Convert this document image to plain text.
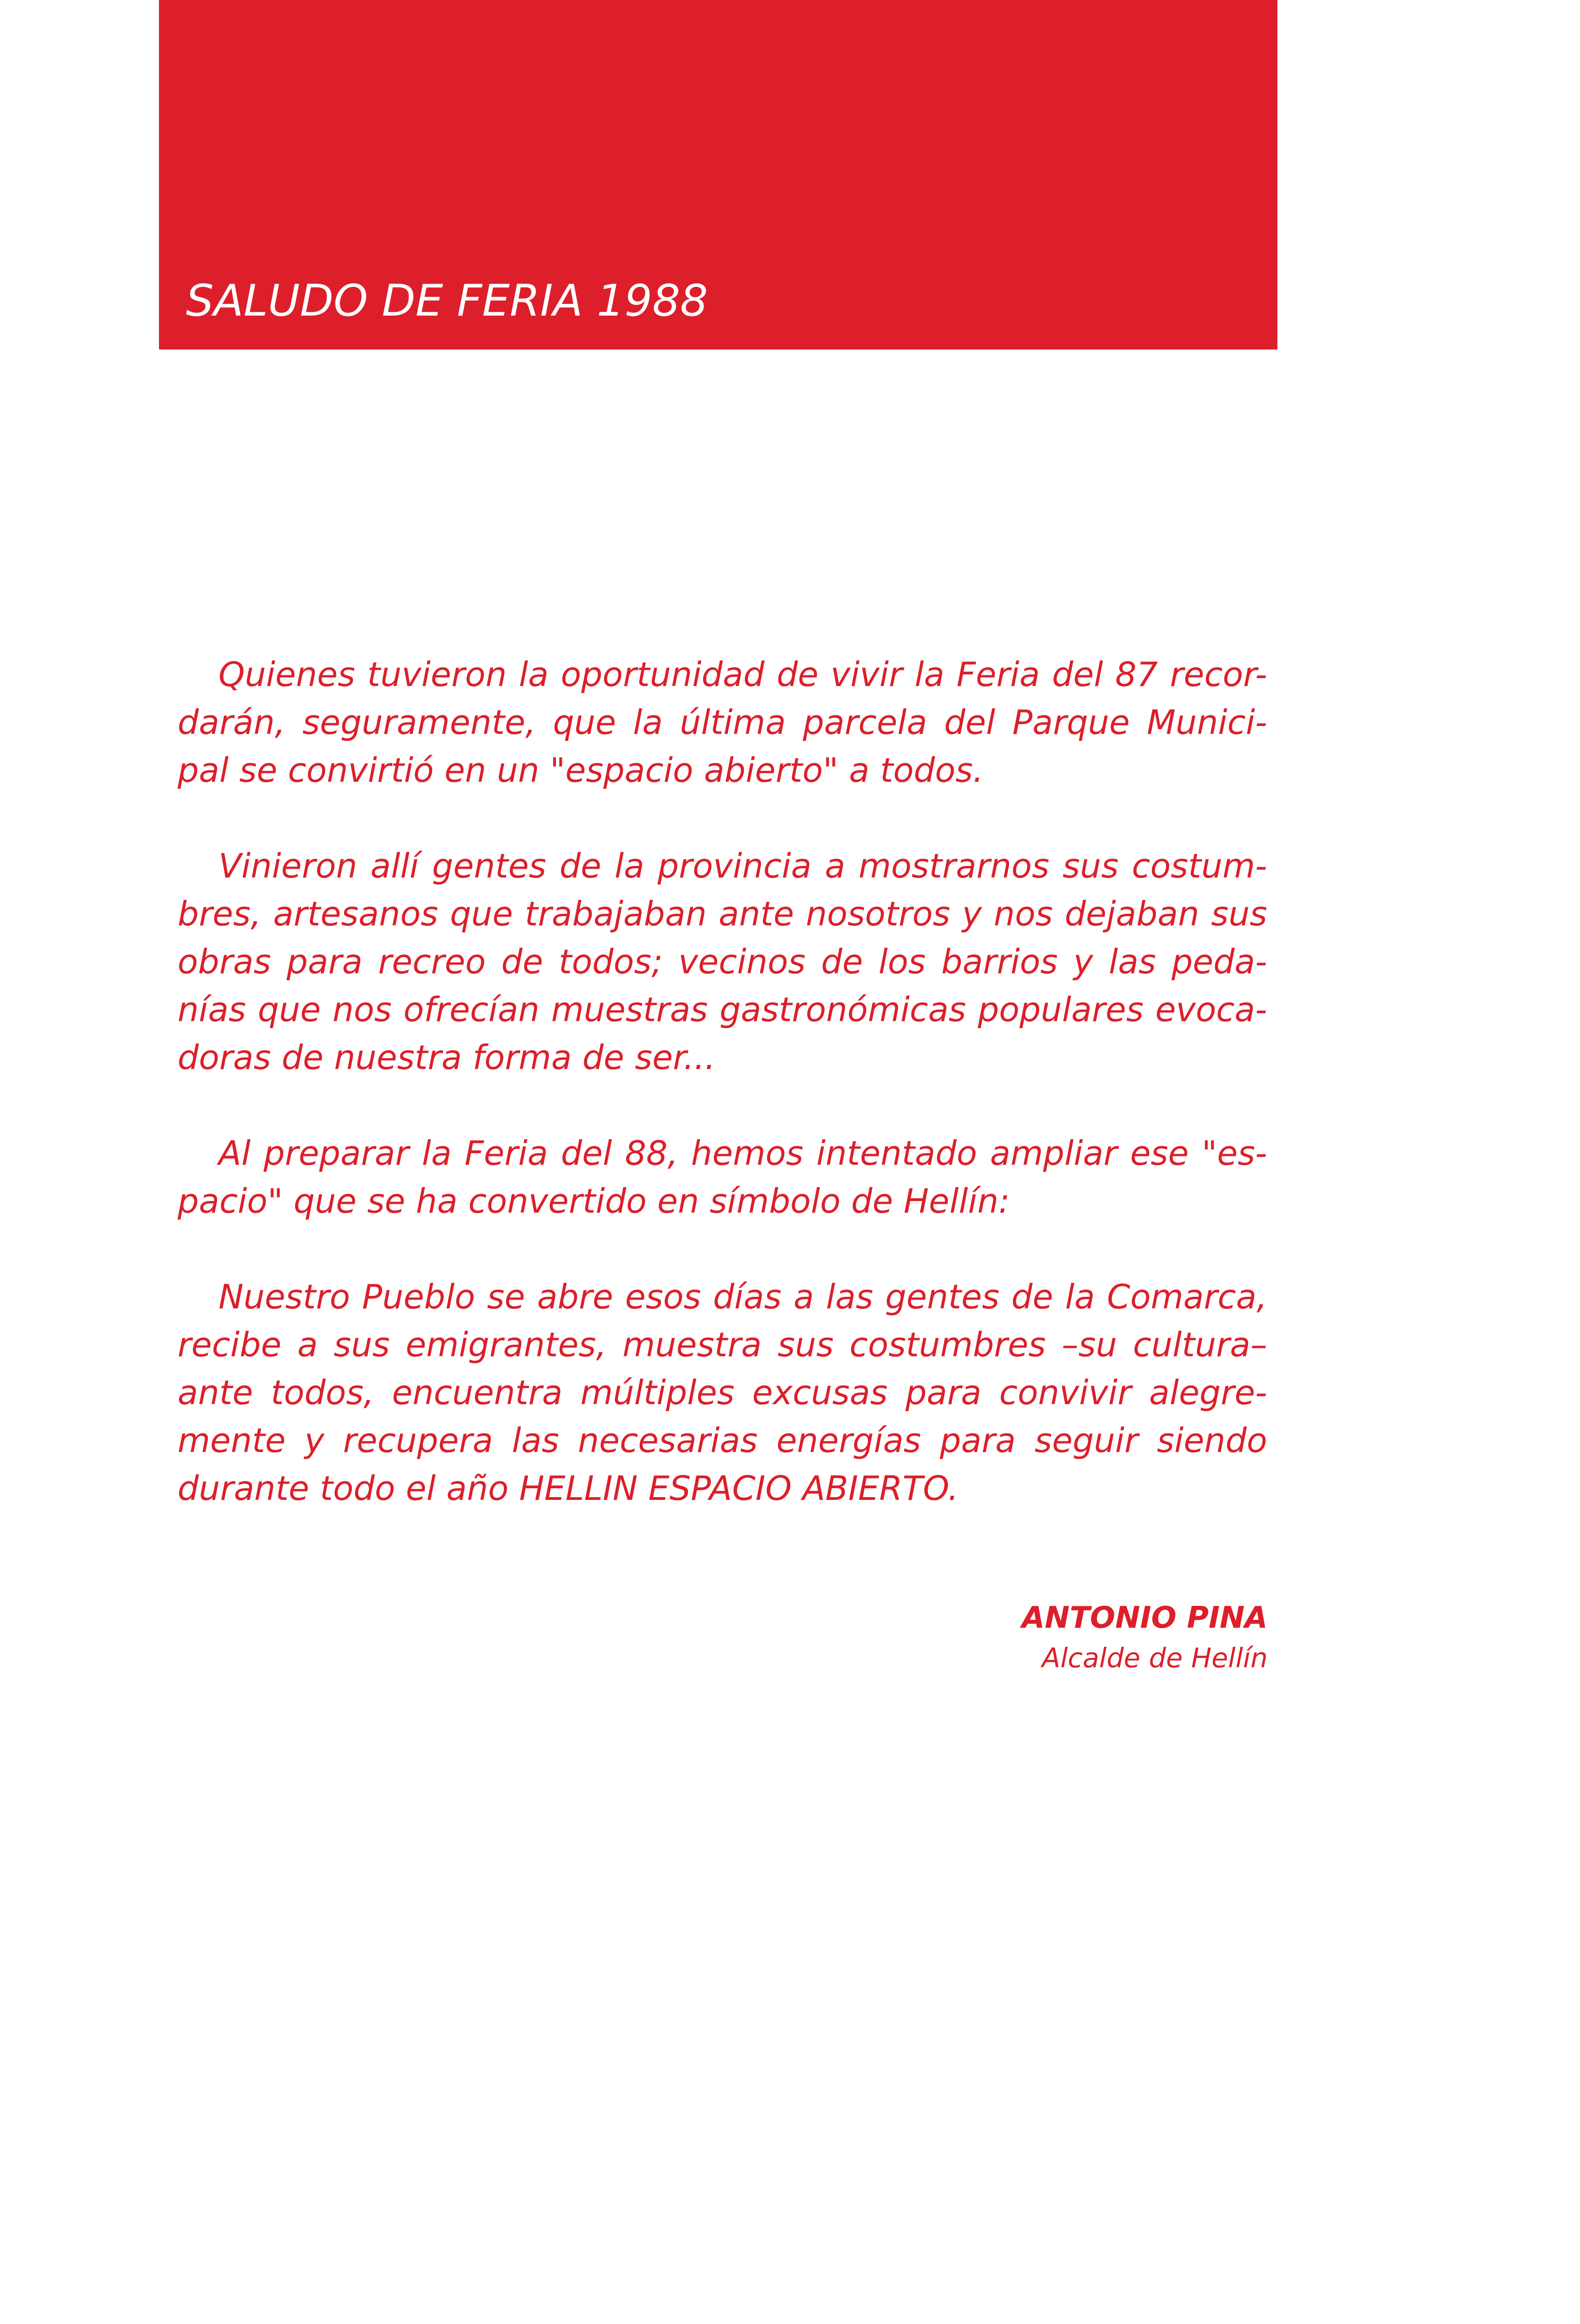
SALUDO DE FERIA 1988
Quienes tuvieron la oportunidad de vivir la Feria del 87 recor-
darán, seguramente, que la última parcela del Parque Munici-
pal se convirtió en un "espacio abierto" a todos.
Vinieron allí gentes de la provincia a mostrarnos sus costum-
bres, artesanos que trabajaban ante nosotros y nos dejaban sus
obras para recreo de todos; vecinos de los barrios y las peda-
nías que nos ofrecían muestras gastronómicas populares evoca-
doras de nuestra forma de ser...
Al preparar la Feria del 88, hemos intentado ampliar ese "es-
pacio" que se ha convertido en símbolo de Hellín:
Nuestro Pueblo se abre esos días a las gentes de la Comarca,
recibe a sus emigrantes, muestra sus costumbres –su cultura–
ante todos, encuentra múltiples excusas para convivir alegre-
mente y recupera las necesarias energías para seguir siendo
durante todo el año HELLIN ESPACIO ABIERTO.
ANTONIO PINA
Alcalde de Hellín
